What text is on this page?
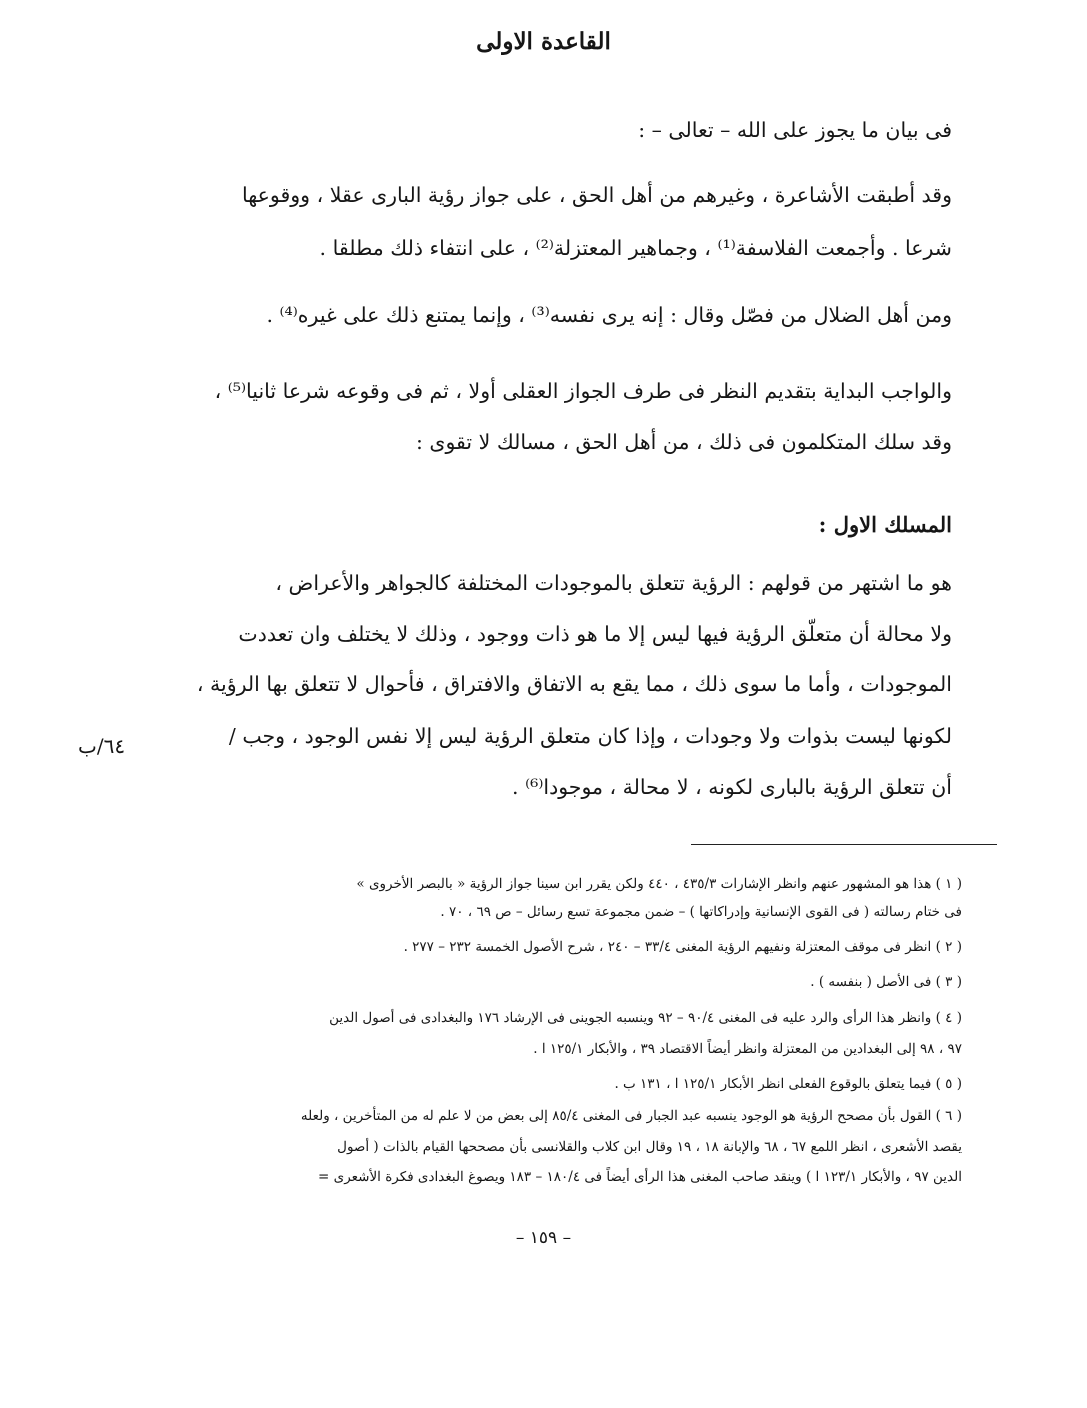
القاعدة الاولى
فى بيان ما يجوز على الله – تعالى – :
وقد أطبقت الأشاعرة ، وغيرهم من أهل الحق ، على جواز رؤية البارى عقلا ، ووقوعها
شرعا . وأجمعت الفلاسفة⁽¹⁾ ، وجماهير المعتزلة⁽²⁾ ، على انتفاء ذلك مطلقا .
ومن أهل الضلال من فصّل وقال : إنه يرى نفسه⁽³⁾ ، وإنما يمتنع ذلك على غيره⁽⁴⁾ .
والواجب البداية بتقديم النظر فى طرف الجواز العقلى أولا ، ثم فى وقوعه شرعا ثانيا⁽⁵⁾ ،
وقد سلك المتكلمون فى ذلك ، من أهل الحق ، مسالك لا تقوى :
المسلك الاول :
هو ما اشتهر من قولهم : الرؤية تتعلق بالموجودات المختلفة كالجواهر والأعراض ،
ولا محالة أن متعلّق الرؤية فيها ليس إلا ما هو ذات ووجود ، وذلك لا يختلف وان تعددت
الموجودات ، وأما ما سوى ذلك ، مما يقع به الاتفاق والافتراق ، فأحوال لا تتعلق بها الرؤية ،
لكونها ليست بذوات ولا وجودات ، وإذا كان متعلق الرؤية ليس إلا نفس الوجود ، وجب /
أن تتعلق الرؤية بالبارى لكونه ، لا محالة ، موجودا⁽⁶⁾ .
٦٤/ب
( ١ ) هذا هو المشهور عنهم وانظر الإشارات ٤٣٥/٣ ، ٤٤٠ ولكن يقرر ابن سينا جواز الرؤية « بالبصر الأخروى »
فى ختام رسالته ( فى القوى الإنسانية وإدراكاتها ) – ضمن مجموعة تسع رسائل – ص ٦٩ ، ٧٠ .
( ٢ ) انظر فى موقف المعتزلة ونفيهم الرؤية المغنى ٣٣/٤ – ٢٤٠ ، شرح الأصول الخمسة ٢٣٢ – ٢٧٧ .
( ٣ ) فى الأصل ( بنفسه ) .
( ٤ ) وانظر هذا الرأى والرد عليه فى المغنى ٩٠/٤ – ٩٢ وينسبه الجوينى فى الإرشاد ١٧٦ والبغدادى فى أصول الدين
٩٧ ، ٩٨ إلى البغدادين من المعتزلة وانظر أيضاً الاقتصاد ٣٩ ، والأبكار ١٢٥/١ ا .
( ٥ ) فيما يتعلق بالوقوع الفعلى انظر الأبكار ١٢٥/١ ا ، ١٣١ ب .
( ٦ ) القول بأن مصحح الرؤية هو الوجود ينسبه عبد الجبار فى المغنى ٨٥/٤ إلى بعض من لا علم له من المتأخرين ، ولعله
يقصد الأشعرى ، انظر اللمع ٦٧ ، ٦٨ والإبانة ١٨ ، ١٩ وقال ابن كلاب والقلانسى بأن مصححها القيام بالذات ( أصول
الدين ٩٧ ، والأبكار ١٢٣/١ ا ) وينقد صاحب المغنى هذا الرأى أيضاً فى ١٨٠/٤ – ١٨٣ ويصوغ البغدادى فكرة الأشعرى =
– ١٥٩ –
